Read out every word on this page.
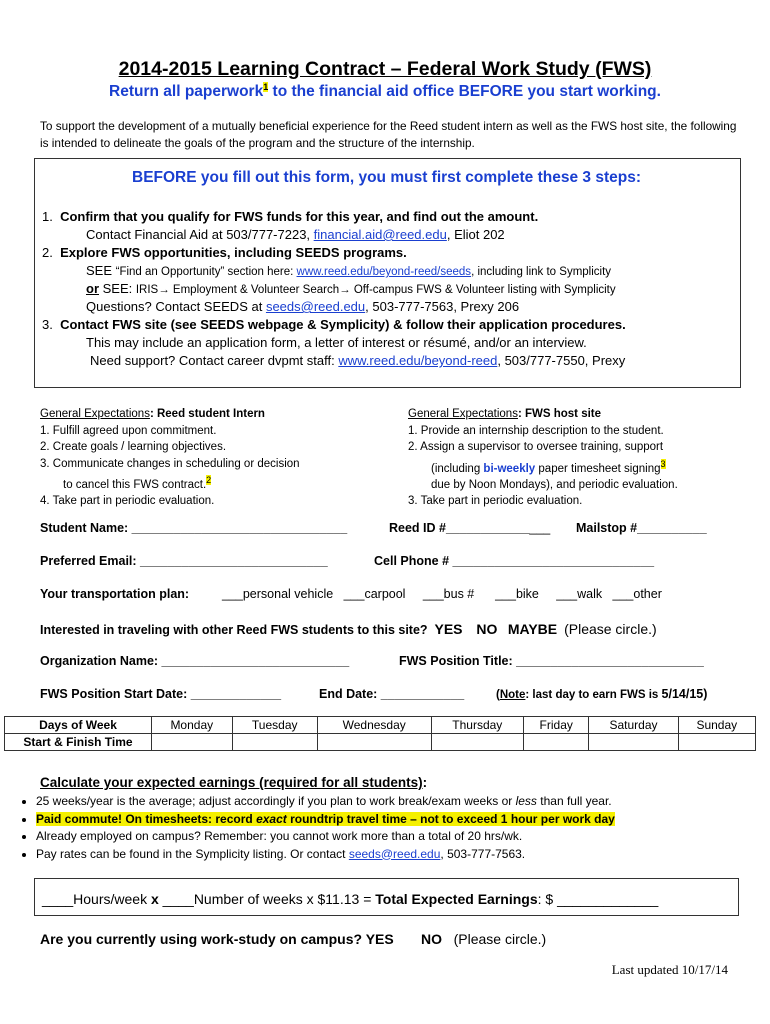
2014-2015 Learning Contract – Federal Work Study (FWS)
Return all paperwork$^1$ to the financial aid office BEFORE you start working.
To support the development of a mutually beneficial experience for the Reed student intern as well as the FWS host site, the following is intended to delineate the goals of the program and the structure of the internship.
BEFORE you fill out this form, you must first complete these 3 steps:
1. Confirm that you qualify for FWS funds for this year, and find out the amount.
Contact Financial Aid at 503/777-7223, financial.aid@reed.edu, Eliot 202
2. Explore FWS opportunities, including SEEDS programs.
SEE “Find an Opportunity” section here: www.reed.edu/beyond-reed/seeds, including link to Symplicity
or SEE: IRIS→ Employment & Volunteer Search→ Off-campus FWS & Volunteer listing with Symplicity
Questions? Contact SEEDS at seeds@reed.edu, 503-777-7563, Prexy 206
3. Contact FWS site (see SEEDS webpage & Symplicity) & follow their application procedures.
This may include an application form, a letter of interest or résumé, and/or an interview.
Need support? Contact career dvpmt staff: www.reed.edu/beyond-reed, 503/777-7550, Prexy
General Expectations: Reed student Intern
1. Fulfill agreed upon commitment.
2. Create goals / learning objectives.
3. Communicate changes in scheduling or decision
to cancel this FWS contract.$^2$
4. Take part in periodic evaluation.
General Expectations: FWS host site
1. Provide an internship description to the student.
2. Assign a supervisor to oversee training, support
(including bi-weekly paper timesheet signing$^3$
due by Noon Mondays), and periodic evaluation.
3. Take part in periodic evaluation.
Student Name: _______________________________	Reed ID #_______________ Mailstop #__________
Preferred Email: ___________________________	Cell Phone # _____________________________
Your transportation plan:	___personal vehicle   ___carpool     ___bus #      ___bike     ___walk   ___other
Interested in traveling with other Reed FWS students to this site? YES NO MAYBE (Please circle.)
Organization Name: ___________________________	FWS Position Title: ___________________________
FWS Position Start Date: _____________	End Date: ____________	(Note: last day to earn FWS is 5/14/15)
Days of Week	Monday	Tuesday	Wednesday	Thursday	Friday	Saturday	Sunday
Start & Finish Time							
Calculate your expected earnings (required for all students):
• 25 weeks/year is the average; adjust accordingly if you plan to work break/exam weeks or less than full year.
• Paid commute! On timesheets: record exact roundtrip travel time – not to exceed 1 hour per work day
• Already employed on campus? Remember: you cannot work more than a total of 20 hrs/wk.
• Pay rates can be found in the Symplicity listing. Or contact seeds@reed.edu, 503-777-7563.
____Hours/week x ____Number of weeks x $11.13 = Total Expected Earnings: $ _____________
Are you currently using work-study on campus? YES NO (Please circle.)
Last updated 10/17/14
